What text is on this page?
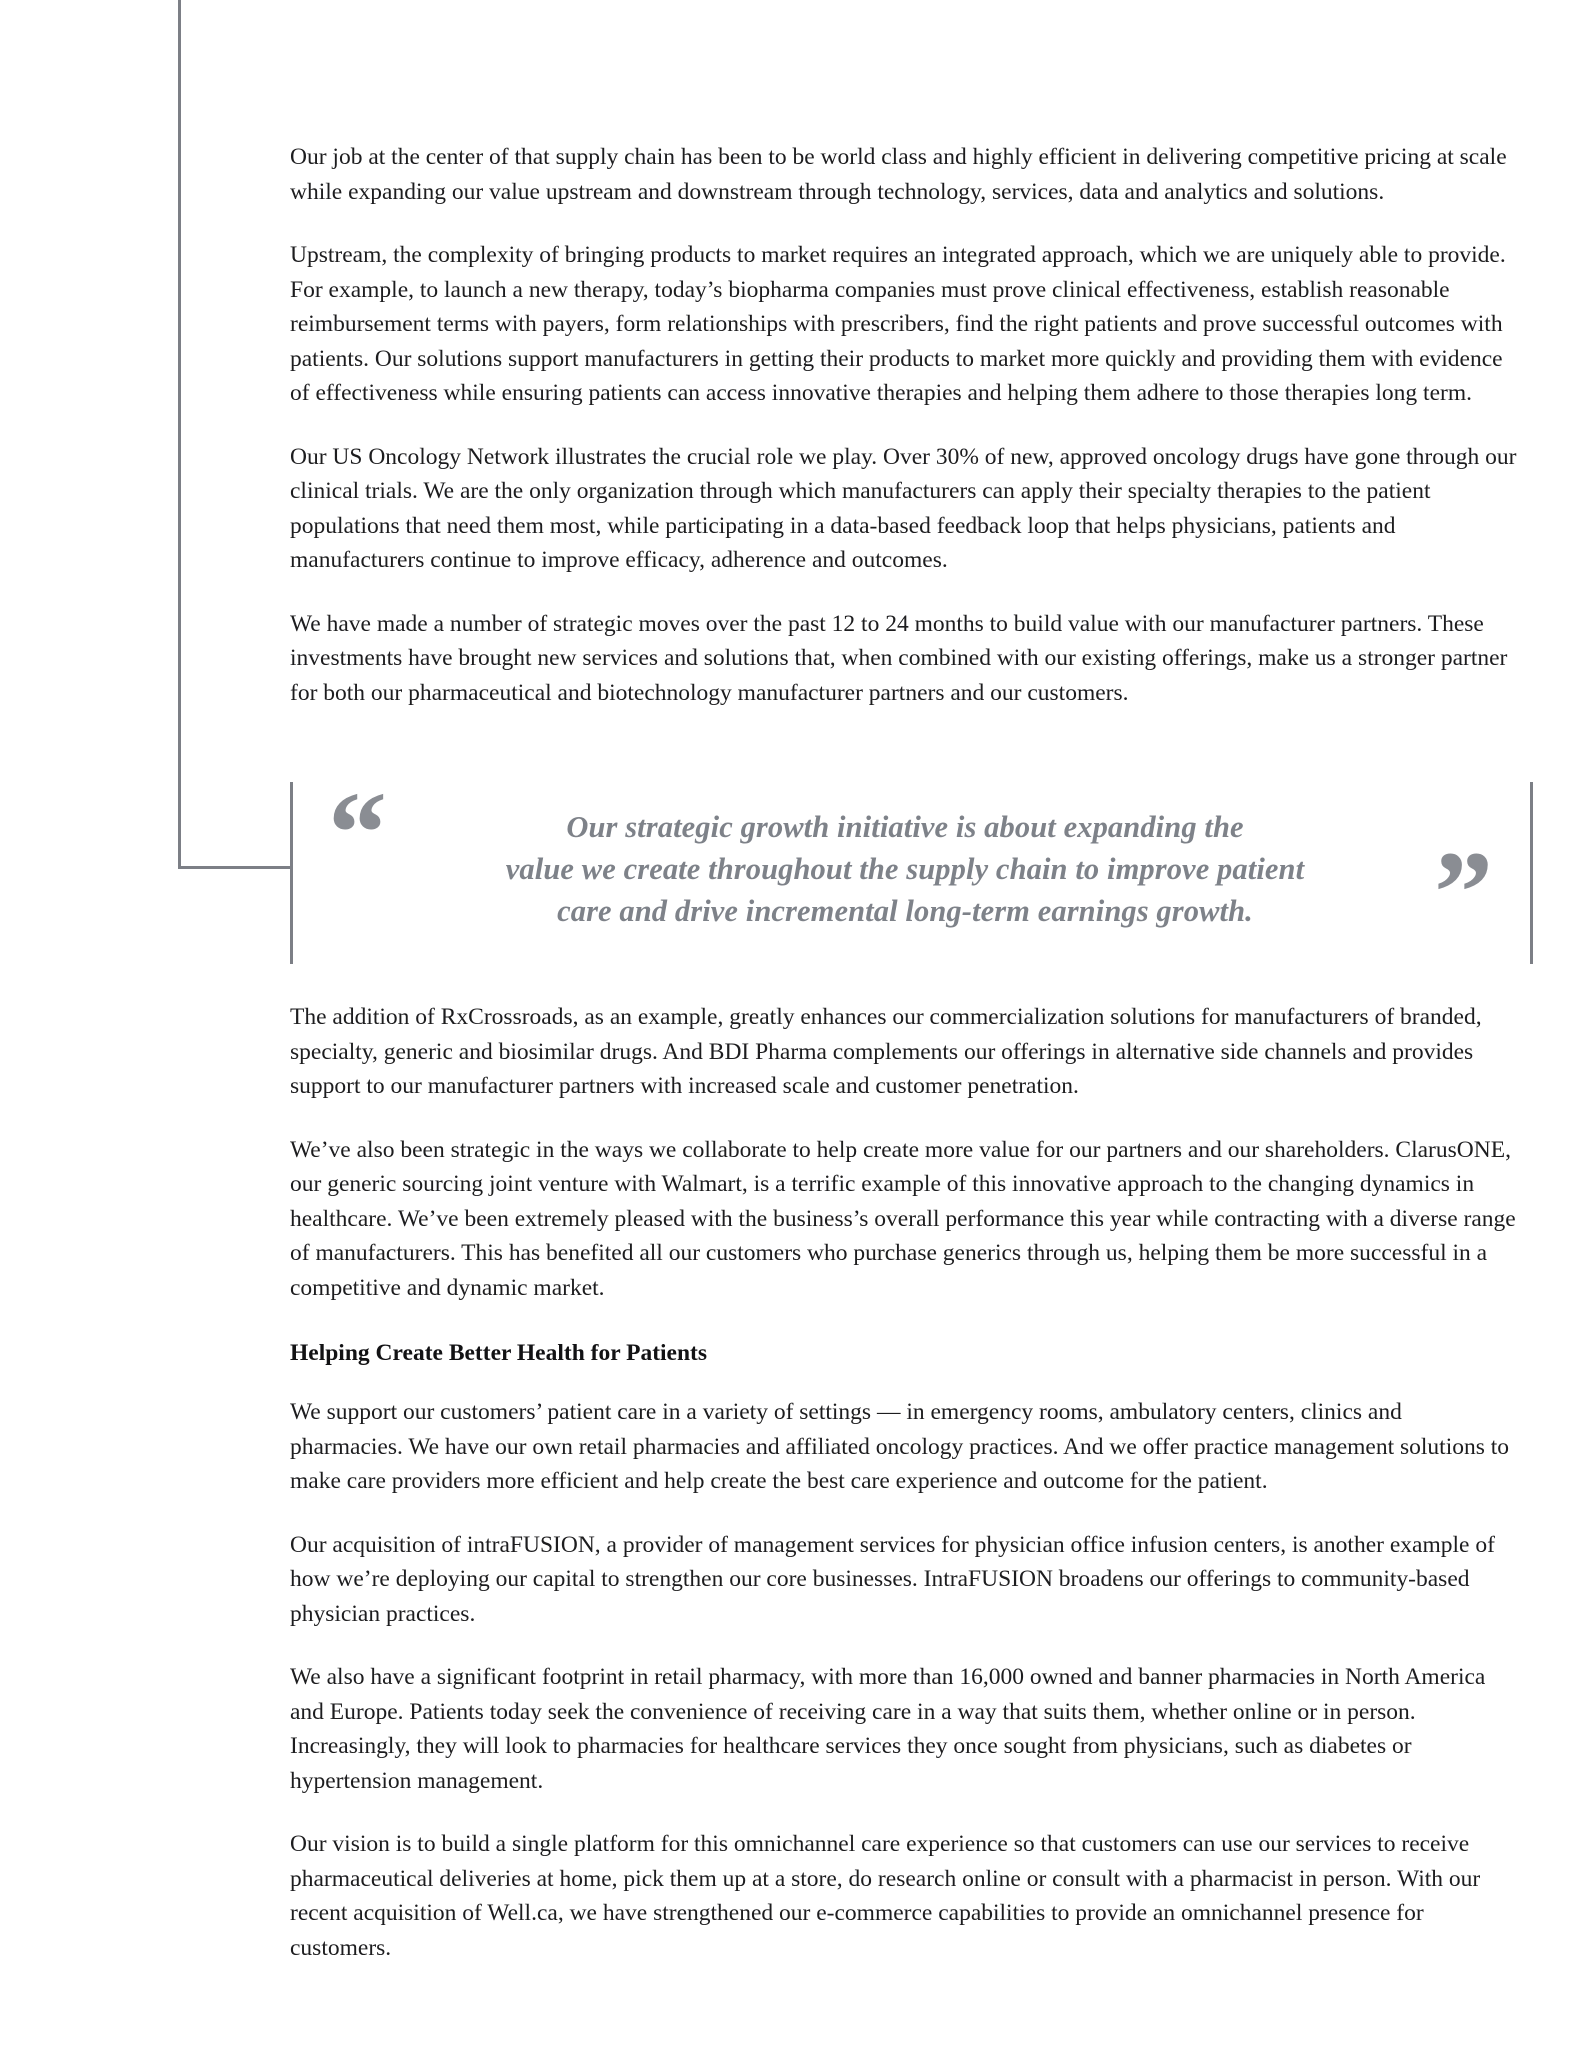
Our job at the center of that supply chain has been to be world class and highly efficient in delivering competitive pricing at scale while expanding our value upstream and downstream through technology, services, data and analytics and solutions.

Upstream, the complexity of bringing products to market requires an integrated approach, which we are uniquely able to provide. For example, to launch a new therapy, today’s biopharma companies must prove clinical effectiveness, establish reasonable reimbursement terms with payers, form relationships with prescribers, find the right patients and prove successful outcomes with patients. Our solutions support manufacturers in getting their products to market more quickly and providing them with evidence of effectiveness while ensuring patients can access innovative therapies and helping them adhere to those therapies long term.

Our US Oncology Network illustrates the crucial role we play. Over 30% of new, approved oncology drugs have gone through our clinical trials. We are the only organization through which manufacturers can apply their specialty therapies to the patient populations that need them most, while participating in a data-based feedback loop that helps physicians, patients and manufacturers continue to improve efficacy, adherence and outcomes.

We have made a number of strategic moves over the past 12 to 24 months to build value with our manufacturer partners. These investments have brought new services and solutions that, when combined with our existing offerings, make us a stronger partner for both our pharmaceutical and biotechnology manufacturer partners and our customers.

“	”
Our strategic growth initiative is about expanding the
value we create throughout the supply chain to improve patient
care and drive incremental long-term earnings growth.

The addition of RxCrossroads, as an example, greatly enhances our commercialization solutions for manufacturers of branded, specialty, generic and biosimilar drugs. And BDI Pharma complements our offerings in alternative side channels and provides support to our manufacturer partners with increased scale and customer penetration.

We’ve also been strategic in the ways we collaborate to help create more value for our partners and our shareholders. ClarusONE, our generic sourcing joint venture with Walmart, is a terrific example of this innovative approach to the changing dynamics in healthcare. We’ve been extremely pleased with the business’s overall performance this year while contracting with a diverse range of manufacturers. This has benefited all our customers who purchase generics through us, helping them be more successful in a competitive and dynamic market.

Helping Create Better Health for Patients

We support our customers’ patient care in a variety of settings — in emergency rooms, ambulatory centers, clinics and pharmacies. We have our own retail pharmacies and affiliated oncology practices. And we offer practice management solutions to make care providers more efficient and help create the best care experience and outcome for the patient.

Our acquisition of intraFUSION, a provider of management services for physician office infusion centers, is another example of how we’re deploying our capital to strengthen our core businesses. IntraFUSION broadens our offerings to community-based physician practices.

We also have a significant footprint in retail pharmacy, with more than 16,000 owned and banner pharmacies in North America and Europe. Patients today seek the convenience of receiving care in a way that suits them, whether online or in person. Increasingly, they will look to pharmacies for healthcare services they once sought from physicians, such as diabetes or hypertension management.

Our vision is to build a single platform for this omnichannel care experience so that customers can use our services to receive pharmaceutical deliveries at home, pick them up at a store, do research online or consult with a pharmacist in person. With our recent acquisition of Well.ca, we have strengthened our e-commerce capabilities to provide an omnichannel presence for customers.
